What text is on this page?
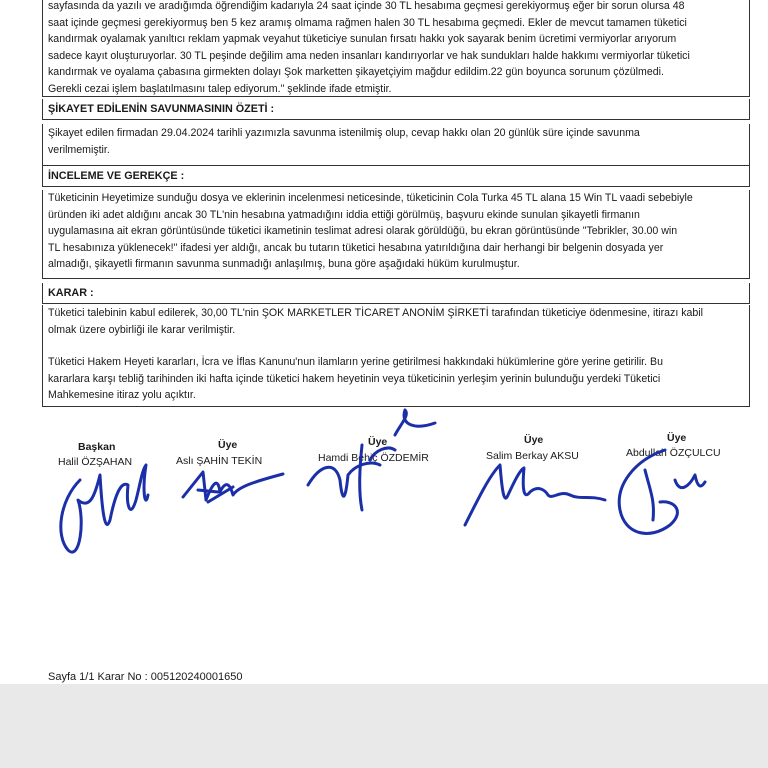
sayfasında da yazılı ve aradığımda öğrendiğim kadarıyla 24 saat içinde 30 TL hesabıma geçmesi gerekiyormuş eğer bir sorun olursa 48
saat içinde geçmesi gerekiyormuş ben 5 kez aramış olmama rağmen halen 30 TL hesabıma geçmedi. Ekler de mevcut tamamen tüketici
kandırmak oyalamak yanıltıcı reklam yapmak veyahut tüketiciye sunulan fırsatı hakkı yok sayarak benim ücretimi vermiyorlar arıyorum
sadece kayıt oluşturuyorlar. 30 TL peşinde değilim ama neden insanları kandırıyorlar ve hak sundukları halde hakkımı vermiyorlar tüketici
kandırmak ve oyalama çabasına girmekten dolayı Şok marketten şikayetçiyim mağdur edildim.22 gün boyunca sorunum çözülmedi.
Gerekli cezai işlem başlatılmasını talep ediyorum." şeklinde ifade etmiştir.

ŞİKAYET EDİLENİN SAVUNMASININ ÖZETİ :

Şikayet edilen firmadan 29.04.2024 tarihli yazımızla savunma istenilmiş olup, cevap hakkı olan 20 günlük süre içinde savunma
verilmemiştir.

İNCELEME VE GEREKÇE :

Tüketicinin Heyetimize sunduğu dosya ve eklerinin incelenmesi neticesinde, tüketicinin Cola Turka 45 TL alana 15 Win TL vaadi sebebiyle
üründen iki adet aldığını ancak 30 TL'nin hesabına yatmadığını iddia ettiği görülmüş, başvuru ekinde sunulan şikayetli firmanın
uygulamasına ait ekran görüntüsünde tüketici ikametinin teslimat adresi olarak görüldüğü, bu ekran görüntüsünde "Tebrikler, 30.00 win
TL hesabınıza yüklenecek!" ifadesi yer aldığı, ancak bu tutarın tüketici hesabına yatırıldığına dair herhangi bir belgenin dosyada yer
almadığı, şikayetli firmanın savunma sunmadığı anlaşılmış, buna göre aşağıdaki hüküm kurulmuştur.

KARAR :

Tüketici talebinin kabul edilerek, 30,00 TL'nin ŞOK MARKETLER TİCARET ANONİM ŞİRKETİ tarafından tüketiciye ödenmesine, itirazı kabil
olmak üzere oybirliği ile karar verilmiştir.

Tüketici Hakem Heyeti kararları, İcra ve İflas Kanunu'nun ilamların yerine getirilmesi hakkındaki hükümlerine göre yerine getirilir. Bu
kararlara karşı tebliğ tarihinden iki hafta içinde tüketici hakem heyetinin veya tüketicinin yerleşim yerinin bulunduğu yerdeki Tüketici
Mahkemesine itiraz yolu açıktır.

Başkan
Halil ÖZŞAHAN
Üye
Aslı ŞAHİN TEKİN
Üye
Hamdi Behiç ÖZDEMİR
Üye
Salim Berkay AKSU
Üye
Abdullah ÖZÇULCU
Sayfa 1/1 Karar No : 005120240001650
